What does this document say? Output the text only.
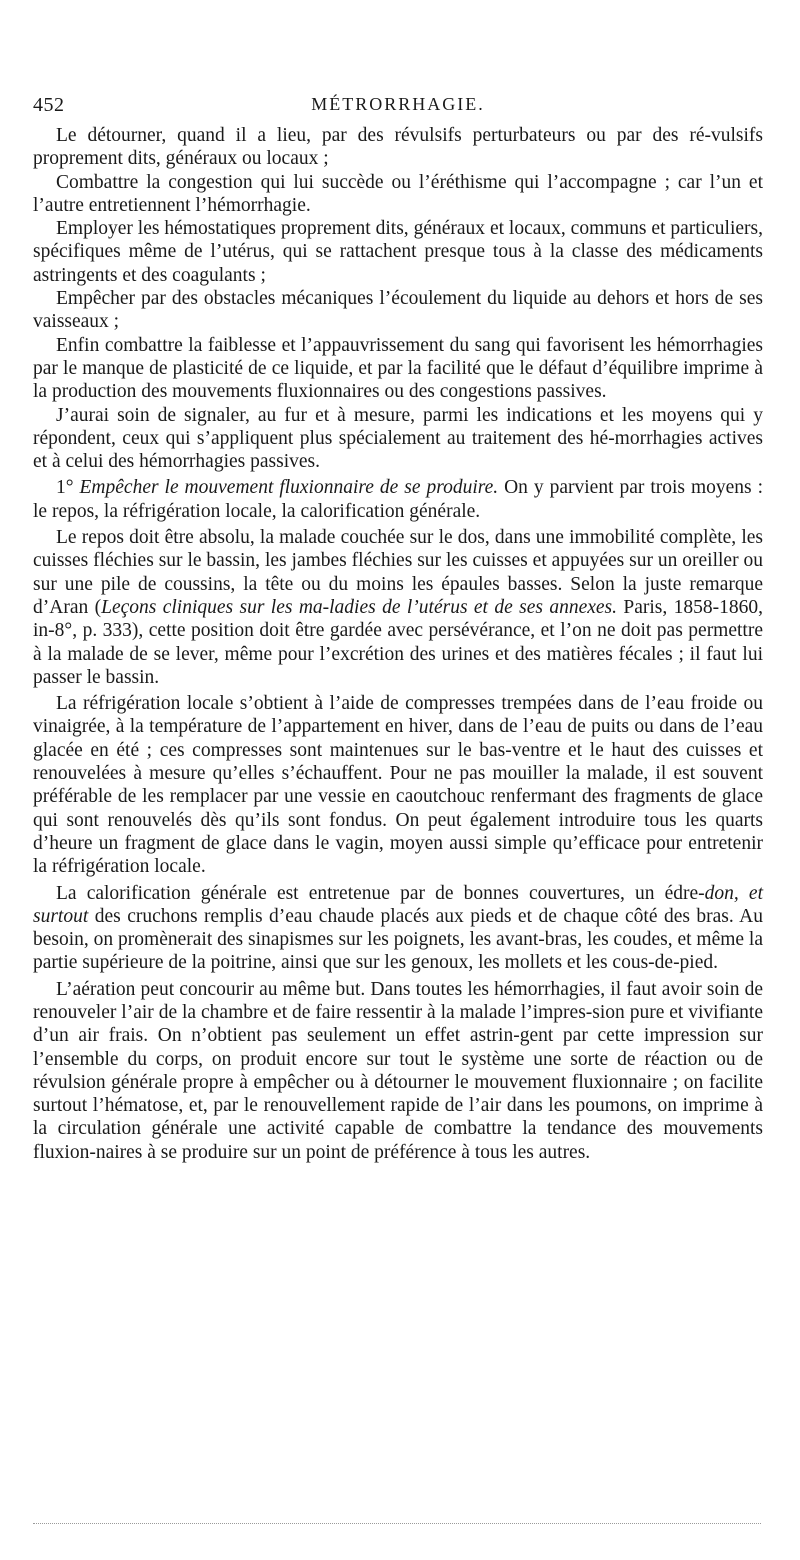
452	MÉTRORRHAGIE.

Le détourner, quand il a lieu, par des révulsifs perturbateurs ou par des ré-vulsifs proprement dits, généraux ou locaux ;

Combattre la congestion qui lui succède ou l’éréthisme qui l’accompagne ; car l’un et l’autre entretiennent l’hémorrhagie.

Employer les hémostatiques proprement dits, généraux et locaux, communs et particuliers, spécifiques même de l’utérus, qui se rattachent presque tous à la classe des médicaments astringents et des coagulants ;

Empêcher par des obstacles mécaniques l’écoulement du liquide au dehors et hors de ses vaisseaux ;

Enfin combattre la faiblesse et l’appauvrissement du sang qui favorisent les hémorrhagies par le manque de plasticité de ce liquide, et par la facilité que le défaut d’équilibre imprime à la production des mouvements fluxionnaires ou des congestions passives.

J’aurai soin de signaler, au fur et à mesure, parmi les indications et les moyens qui y répondent, ceux qui s’appliquent plus spécialement au traitement des hé-morrhagies actives et à celui des hémorrhagies passives.

1° Empêcher le mouvement fluxionnaire de se produire. On y parvient par trois moyens : le repos, la réfrigération locale, la calorification générale.

Le repos doit être absolu, la malade couchée sur le dos, dans une immobilité complète, les cuisses fléchies sur le bassin, les jambes fléchies sur les cuisses et appuyées sur un oreiller ou sur une pile de coussins, la tête ou du moins les épaules basses. Selon la juste remarque d’Aran (Leçons cliniques sur les ma-ladies de l’utérus et de ses annexes. Paris, 1858-1860, in-8°, p. 333), cette position doit être gardée avec persévérance, et l’on ne doit pas permettre à la malade de se lever, même pour l’excrétion des urines et des matières fécales ; il faut lui passer le bassin.

La réfrigération locale s’obtient à l’aide de compresses trempées dans de l’eau froide ou vinaigrée, à la température de l’appartement en hiver, dans de l’eau de puits ou dans de l’eau glacée en été ; ces compresses sont maintenues sur le bas-ventre et le haut des cuisses et renouvelées à mesure qu’elles s’échauffent. Pour ne pas mouiller la malade, il est souvent préférable de les remplacer par une vessie en caoutchouc renfermant des fragments de glace qui sont renouvelés dès qu’ils sont fondus. On peut également introduire tous les quarts d’heure un fragment de glace dans le vagin, moyen aussi simple qu’efficace pour entretenir la réfrigération locale.

La calorification générale est entretenue par de bonnes couvertures, un édre-don, et surtout des cruchons remplis d’eau chaude placés aux pieds et de chaque côté des bras. Au besoin, on promènerait des sinapismes sur les poignets, les avant-bras, les coudes, et même la partie supérieure de la poitrine, ainsi que sur les genoux, les mollets et les cous-de-pied.

L’aération peut concourir au même but. Dans toutes les hémorrhagies, il faut avoir soin de renouveler l’air de la chambre et de faire ressentir à la malade l’impres-sion pure et vivifiante d’un air frais. On n’obtient pas seulement un effet astrin-gent par cette impression sur l’ensemble du corps, on produit encore sur tout le système une sorte de réaction ou de révulsion générale propre à empêcher ou à détourner le mouvement fluxionnaire ; on facilite surtout l’hématose, et, par le renouvellement rapide de l’air dans les poumons, on imprime à la circulation générale une activité capable de combattre la tendance des mouvements fluxion-naires à se produire sur un point de préférence à tous les autres.
